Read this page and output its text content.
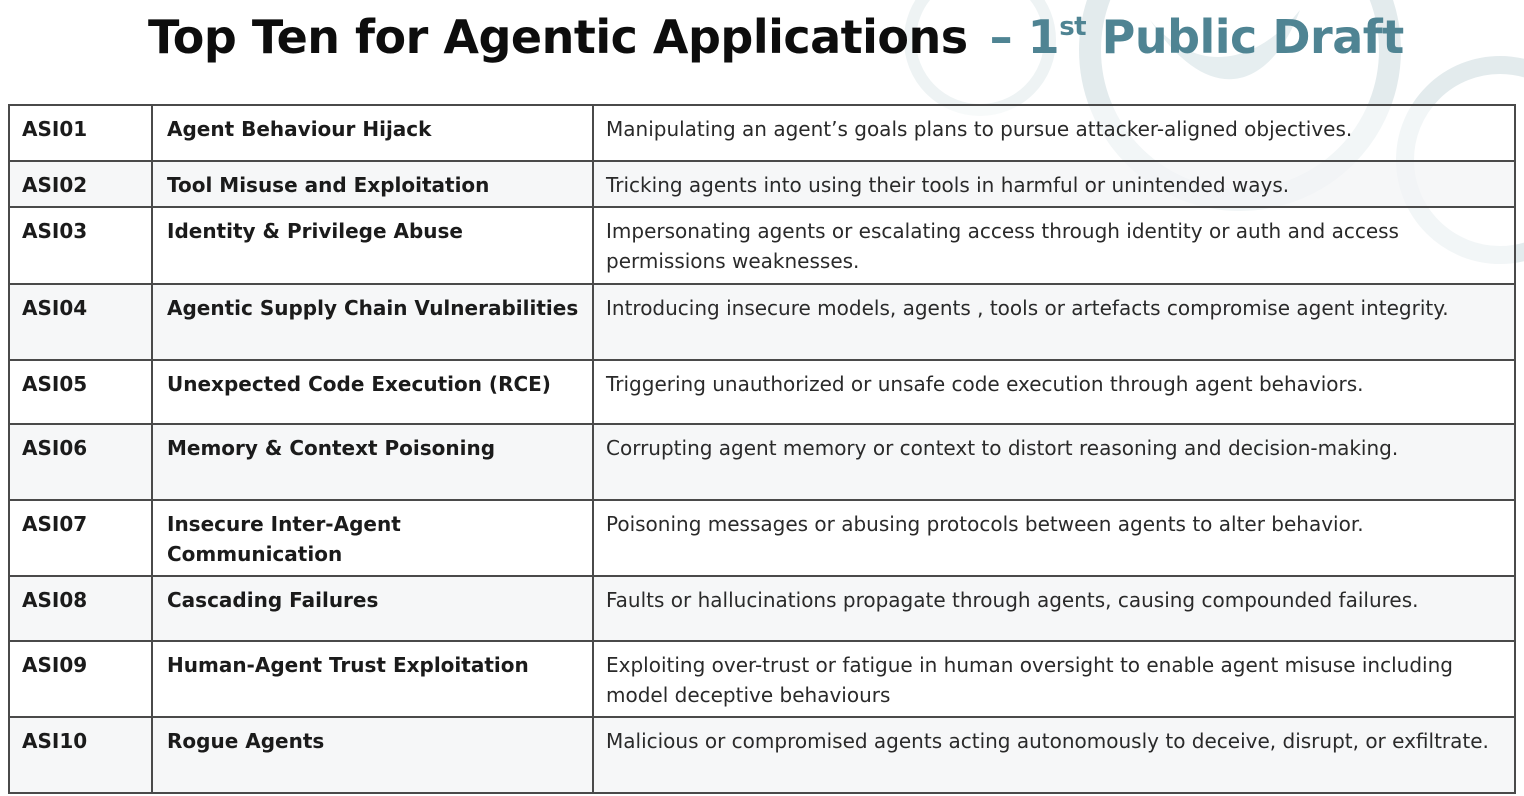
Top Ten for Agentic Applications – 1st Public Draft
ASI01	Agent Behaviour Hijack	Manipulating an agent’s goals plans to pursue attacker-aligned objectives.
ASI02	Tool Misuse and Exploitation	Tricking agents into using their tools in harmful or unintended ways.
ASI03	Identity & Privilege Abuse	Impersonating agents or escalating access through identity or auth and access permissions weaknesses.
ASI04	Agentic Supply Chain Vulnerabilities	Introducing insecure models, agents , tools or artefacts compromise agent integrity.
ASI05	Unexpected Code Execution (RCE)	Triggering unauthorized or unsafe code execution through agent behaviors.
ASI06	Memory & Context Poisoning	Corrupting agent memory or context to distort reasoning and decision-making.
ASI07	Insecure Inter-Agent Communication	Poisoning messages or abusing protocols between agents to alter behavior.
ASI08	Cascading Failures	Faults or hallucinations propagate through agents, causing compounded failures.
ASI09	Human-Agent Trust Exploitation	Exploiting over-trust or fatigue in human oversight to enable agent misuse including model deceptive behaviours
ASI10	Rogue Agents	Malicious or compromised agents acting autonomously to deceive, disrupt, or exfiltrate.
